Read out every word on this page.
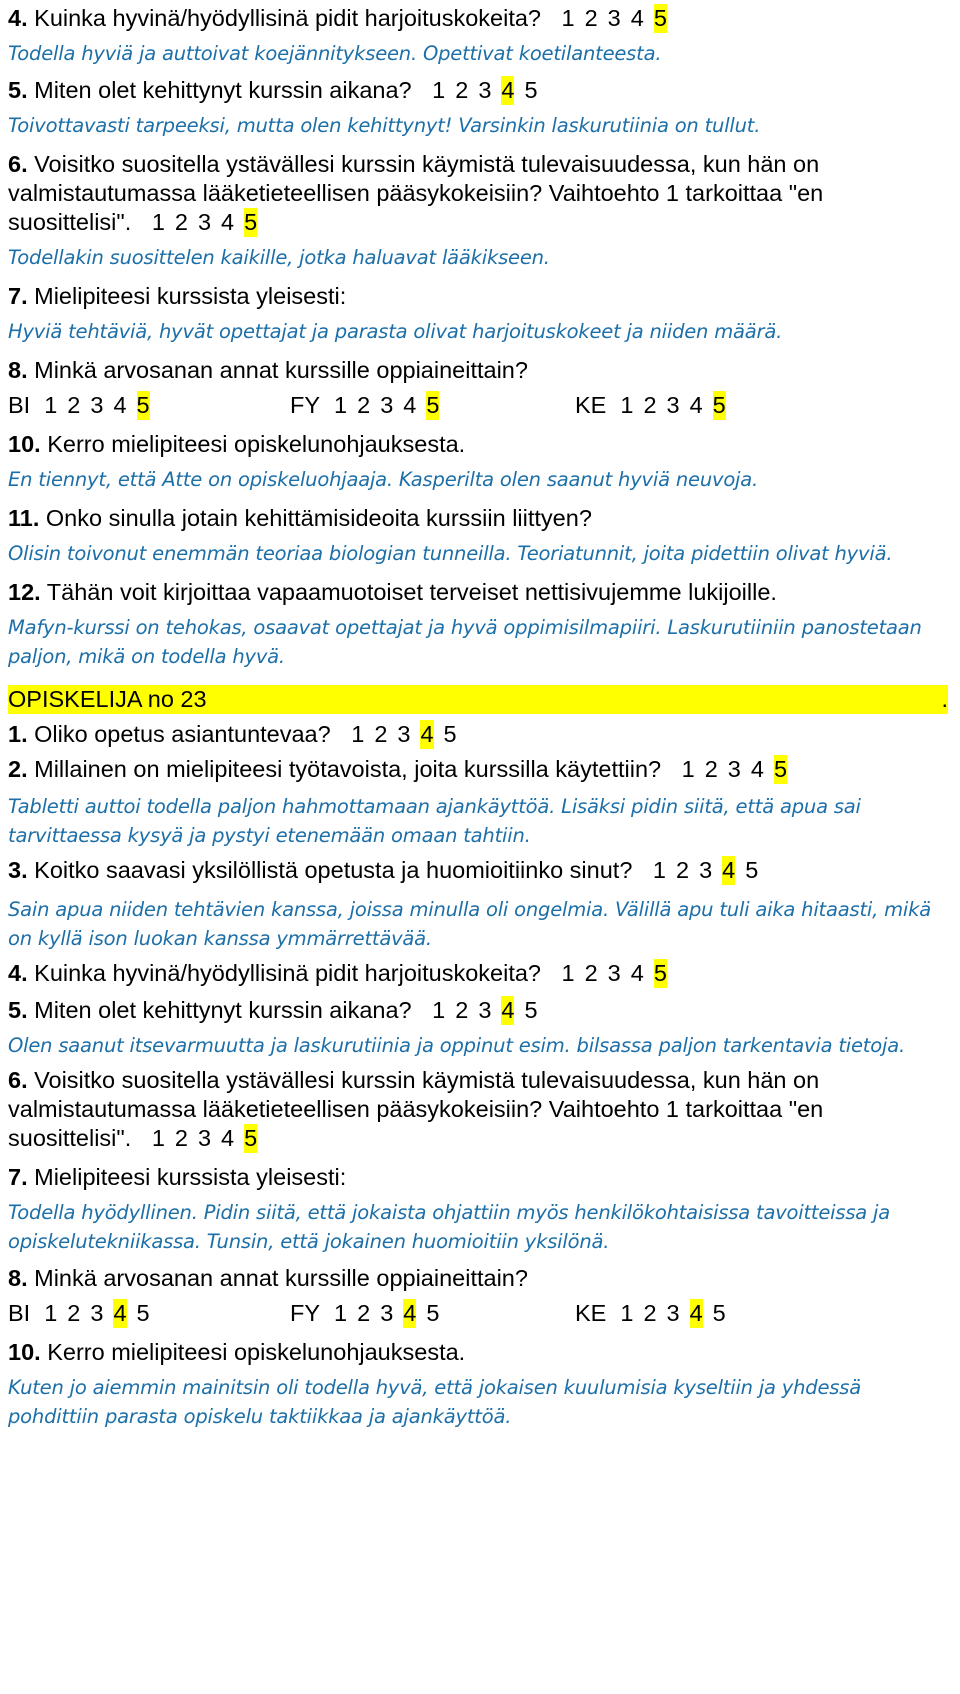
4. Kuinka hyvinä/hyödyllisinä pidit harjoituskokeita? 1 2 3 4 5

Todella hyviä ja auttoivat koejännitykseen. Opettivat koetilanteesta.

5. Miten olet kehittynyt kurssin aikana? 1 2 3 4 5

Toivottavasti tarpeeksi, mutta olen kehittynyt! Varsinkin laskurutiinia on tullut.

6. Voisitko suositella ystävällesi kurssin käymistä tulevaisuudessa, kun hän on valmistautumassa lääketieteellisen pääsykokeisiin? Vaihtoehto 1 tarkoittaa "en suosittelisi". 1 2 3 4 5

Todellakin suosittelen kaikille, jotka haluavat lääkikseen.

7. Mielipiteesi kurssista yleisesti:

Hyviä tehtäviä, hyvät opettajat ja parasta olivat harjoituskokeet ja niiden määrä.

8. Minkä arvosanan annat kurssille oppiaineittain?

BI 1 2 3 4 5	FY 1 2 3 4 5	KE 1 2 3 4 5

10. Kerro mielipiteesi opiskelunohjauksesta.

En tiennyt, että Atte on opiskeluohjaaja. Kasperilta olen saanut hyviä neuvoja.

11. Onko sinulla jotain kehittämisideoita kurssiin liittyen?

Olisin toivonut enemmän teoriaa biologian tunneilla. Teoriatunnit, joita pidettiin olivat hyviä.

12. Tähän voit kirjoittaa vapaamuotoiset terveiset nettisivujemme lukijoille.

Mafyn-kurssi on tehokas, osaavat opettajat ja hyvä oppimisilmapiiri. Laskurutiiniin panostetaan paljon, mikä on todella hyvä.

OPISKELIJA no 23	.

1. Oliko opetus asiantuntevaa? 1 2 3 4 5

2. Millainen on mielipiteesi työtavoista, joita kurssilla käytettiin? 1 2 3 4 5

Tabletti auttoi todella paljon hahmottamaan ajankäyttöä. Lisäksi pidin siitä, että apua sai tarvittaessa kysyä ja pystyi etenemään omaan tahtiin.

3. Koitko saavasi yksilöllistä opetusta ja huomioitiinko sinut? 1 2 3 4 5

Sain apua niiden tehtävien kanssa, joissa minulla oli ongelmia. Välillä apu tuli aika hitaasti, mikä on kyllä ison luokan kanssa ymmärrettävää.

4. Kuinka hyvinä/hyödyllisinä pidit harjoituskokeita? 1 2 3 4 5

5. Miten olet kehittynyt kurssin aikana? 1 2 3 4 5

Olen saanut itsevarmuutta ja laskurutiinia ja oppinut esim. bilsassa paljon tarkentavia tietoja.

6. Voisitko suositella ystävällesi kurssin käymistä tulevaisuudessa, kun hän on valmistautumassa lääketieteellisen pääsykokeisiin? Vaihtoehto 1 tarkoittaa "en suosittelisi". 1 2 3 4 5

7. Mielipiteesi kurssista yleisesti:

Todella hyödyllinen. Pidin siitä, että jokaista ohjattiin myös henkilökohtaisissa tavoitteissa ja opiskelutekniikassa. Tunsin, että jokainen huomioitiin yksilönä.

8. Minkä arvosanan annat kurssille oppiaineittain?

BI 1 2 3 4 5	FY 1 2 3 4 5	KE 1 2 3 4 5

10. Kerro mielipiteesi opiskelunohjauksesta.

Kuten jo aiemmin mainitsin oli todella hyvä, että jokaisen kuulumisia kyseltiin ja yhdessä pohdittiin parasta opiskelu taktiikkaa ja ajankäyttöä.
